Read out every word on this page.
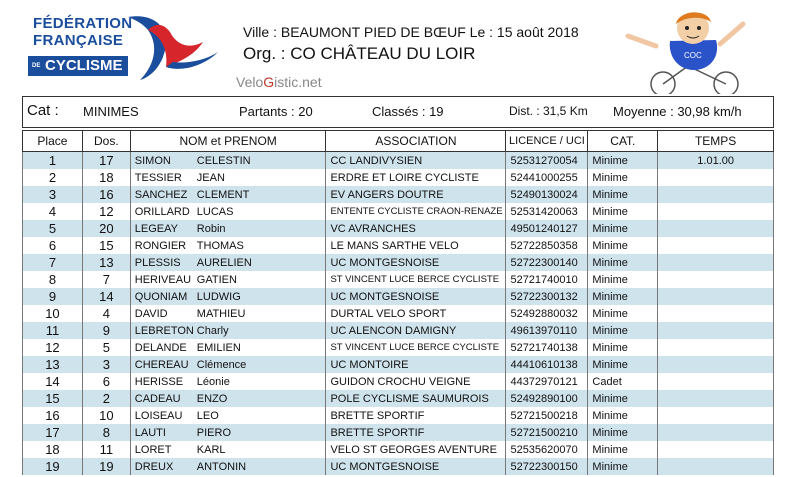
FÉDÉRATION
FRANÇAISE
DE CYCLISME
Ville : BEAUMONT PIED DE BŒUF Le : 15 août 2018
Org. : CO CHÂTEAU DU LOIR
VeloGistic.net
COC
Cat : MINIMES	Partants : 20	Classés : 19	Dist. : 31,5 Km Moyenne : 30,98 km/h
Place	Dos.	NOM et PRENOM	ASSOCIATION	LICENCE / UCI	CAT.	TEMPS
1	17	SIMON CELESTIN	CC LANDIVYSIEN	52531270054	Minime	1.01.00
2	18	TESSIER JEAN	ERDRE ET LOIRE CYCLISTE	52441000255	Minime	
3	16	SANCHEZ CLEMENT	EV ANGERS DOUTRE	52490130024	Minime	
4	12	ORILLARD LUCAS	ENTENTE CYCLISTE CRAON-RENAZE	52531420063	Minime	
5	20	LEGEAY Robin	VC AVRANCHES	49501240127	Minime	
6	15	RONGIER THOMAS	LE MANS SARTHE VELO	52722850358	Minime	
7	13	PLESSIS AURELIEN	UC MONTGESNOISE	52722300140	Minime	
8	7	HERIVEAU GATIEN	ST VINCENT LUCE BERCE CYCLISTE	52721740010	Minime	
9	14	QUONIAM LUDWIG	UC MONTGESNOISE	52722300132	Minime	
10	4	DAVID MATHIEU	DURTAL VELO SPORT	52492880032	Minime	
11	9	LEBRETON Charly	UC ALENCON DAMIGNY	49613970110	Minime	
12	5	DELANDE EMILIEN	ST VINCENT LUCE BERCE CYCLISTE	52721740138	Minime	
13	3	CHEREAU Clémence	UC MONTOIRE	44410610138	Minime	
14	6	HERISSE Léonie	GUIDON CROCHU VEIGNE	44372970121	Cadet	
15	2	CADEAU ENZO	POLE CYCLISME SAUMUROIS	52492890100	Minime	
16	10	LOISEAU LEO	BRETTE SPORTIF	52721500218	Minime	
17	8	LAUTI PIERO	BRETTE SPORTIF	52721500210	Minime	
18	11	LORET KARL	VELO ST GEORGES AVENTURE	52535620070	Minime	
19	19	DREUX ANTONIN	UC MONTGESNOISE	52722300150	Minime	
